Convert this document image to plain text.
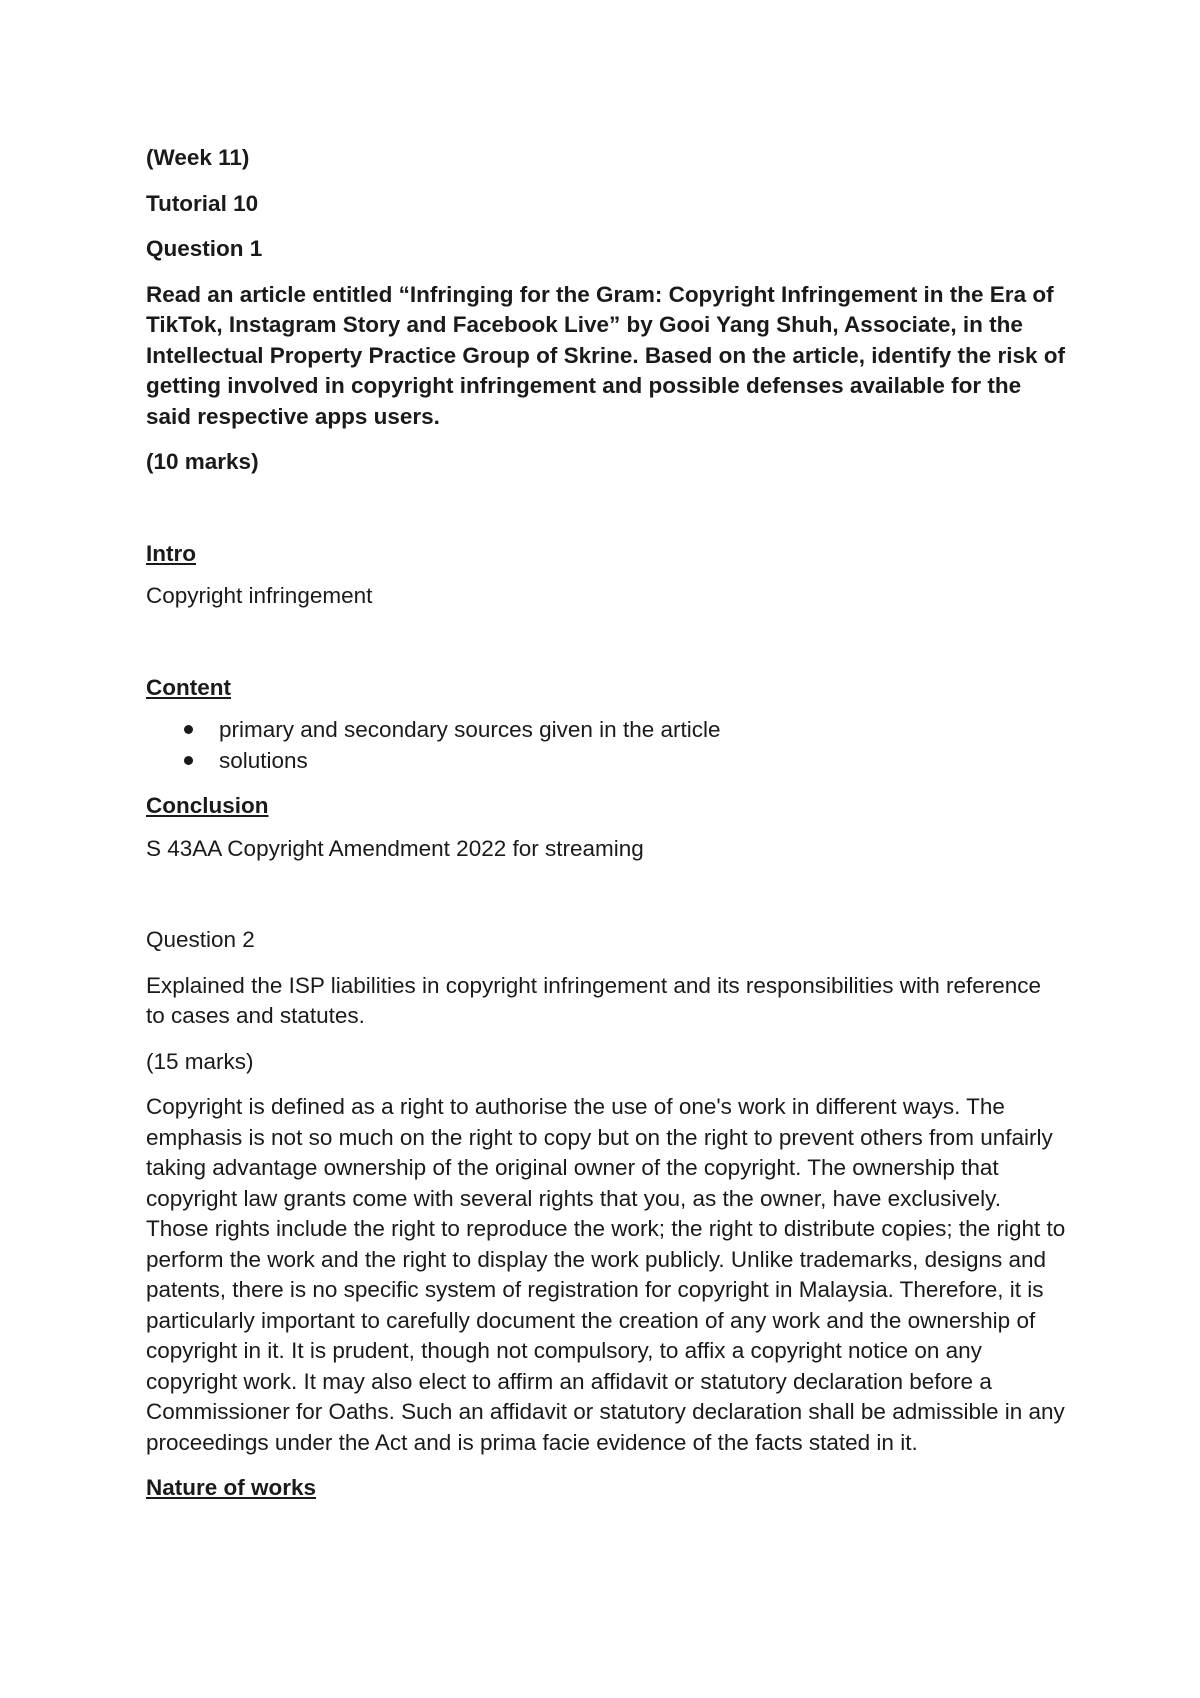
(Week 11)

Tutorial 10

Question 1

Read an article entitled “Infringing for the Gram: Copyright Infringement in the Era of TikTok, Instagram Story and Facebook Live” by Gooi Yang Shuh, Associate, in the Intellectual Property Practice Group of Skrine. Based on the article, identify the risk of getting involved in copyright infringement and possible defenses available for the said respective apps users.

(10 marks)

Intro

Copyright infringement

Content

primary and secondary sources given in the article
solutions

Conclusion

S 43AA Copyright Amendment 2022 for streaming

Question 2

Explained the ISP liabilities in copyright infringement and its responsibilities with reference to cases and statutes.

(15 marks)

Copyright is defined as a right to authorise the use of one's work in different ways. The emphasis is not so much on the right to copy but on the right to prevent others from unfairly taking advantage ownership of the original owner of the copyright. The ownership that copyright law grants come with several rights that you, as the owner, have exclusively. Those rights include the right to reproduce the work; the right to distribute copies; the right to perform the work and the right to display the work publicly. Unlike trademarks, designs and patents, there is no specific system of registration for copyright in Malaysia. Therefore, it is particularly important to carefully document the creation of any work and the ownership of copyright in it. It is prudent, though not compulsory, to affix a copyright notice on any copyright work. It may also elect to affirm an affidavit or statutory declaration before a Commissioner for Oaths. Such an affidavit or statutory declaration shall be admissible in any proceedings under the Act and is prima facie evidence of the facts stated in it.

Nature of works
